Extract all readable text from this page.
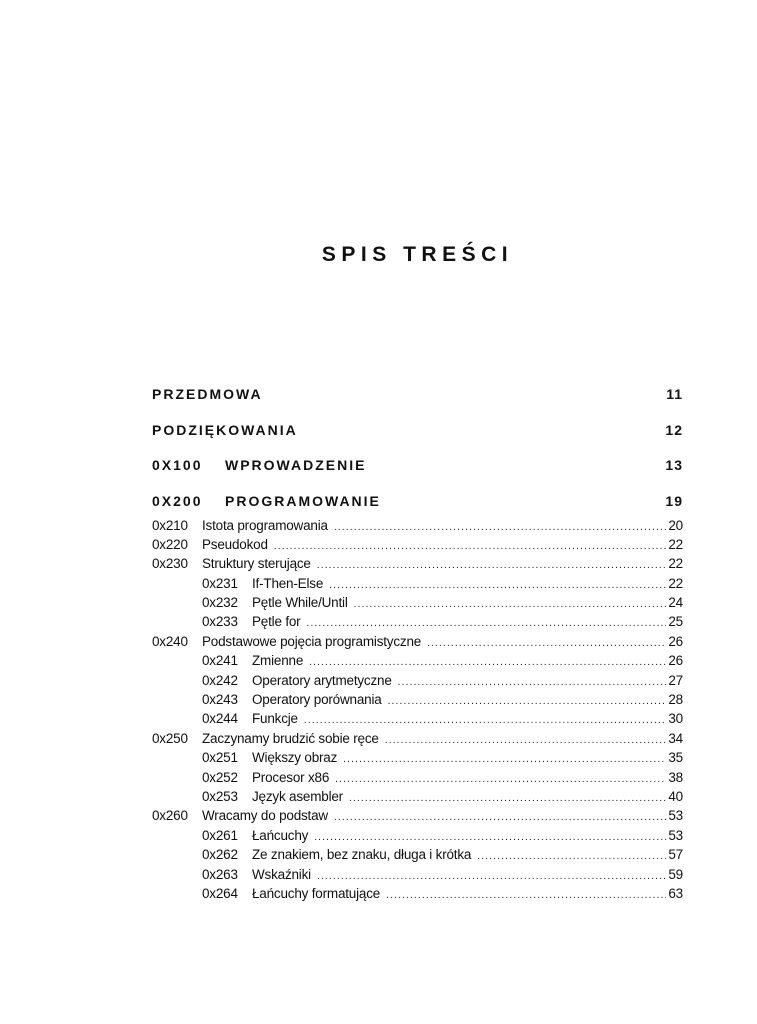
SPIS TREŚCI
PRZEDMOWA	11
PODZIĘKOWANIA	12
0X100	WPROWADZENIE	13
0X200	PROGRAMOWANIE	19
0x210	Istota programowania .....	20
0x220	Pseudokod .....	22
0x230	Struktury sterujące .....	22
0x231	If-Then-Else .....	22
0x232	Pętle While/Until .....	24
0x233	Pętle for .....	25
0x240	Podstawowe pojęcia programistyczne .....	26
0x241	Zmienne .....	26
0x242	Operatory arytmetyczne .....	27
0x243	Operatory porównania .....	28
0x244	Funkcje .....	30
0x250	Zaczynamy brudzić sobie ręce .....	34
0x251	Większy obraz .....	35
0x252	Procesor x86 .....	38
0x253	Język asembler .....	40
0x260	Wracamy do podstaw .....	53
0x261	Łańcuchy .....	53
0x262	Ze znakiem, bez znaku, długa i krótka .....	57
0x263	Wskaźniki .....	59
0x264	Łańcuchy formatujące .....	63
